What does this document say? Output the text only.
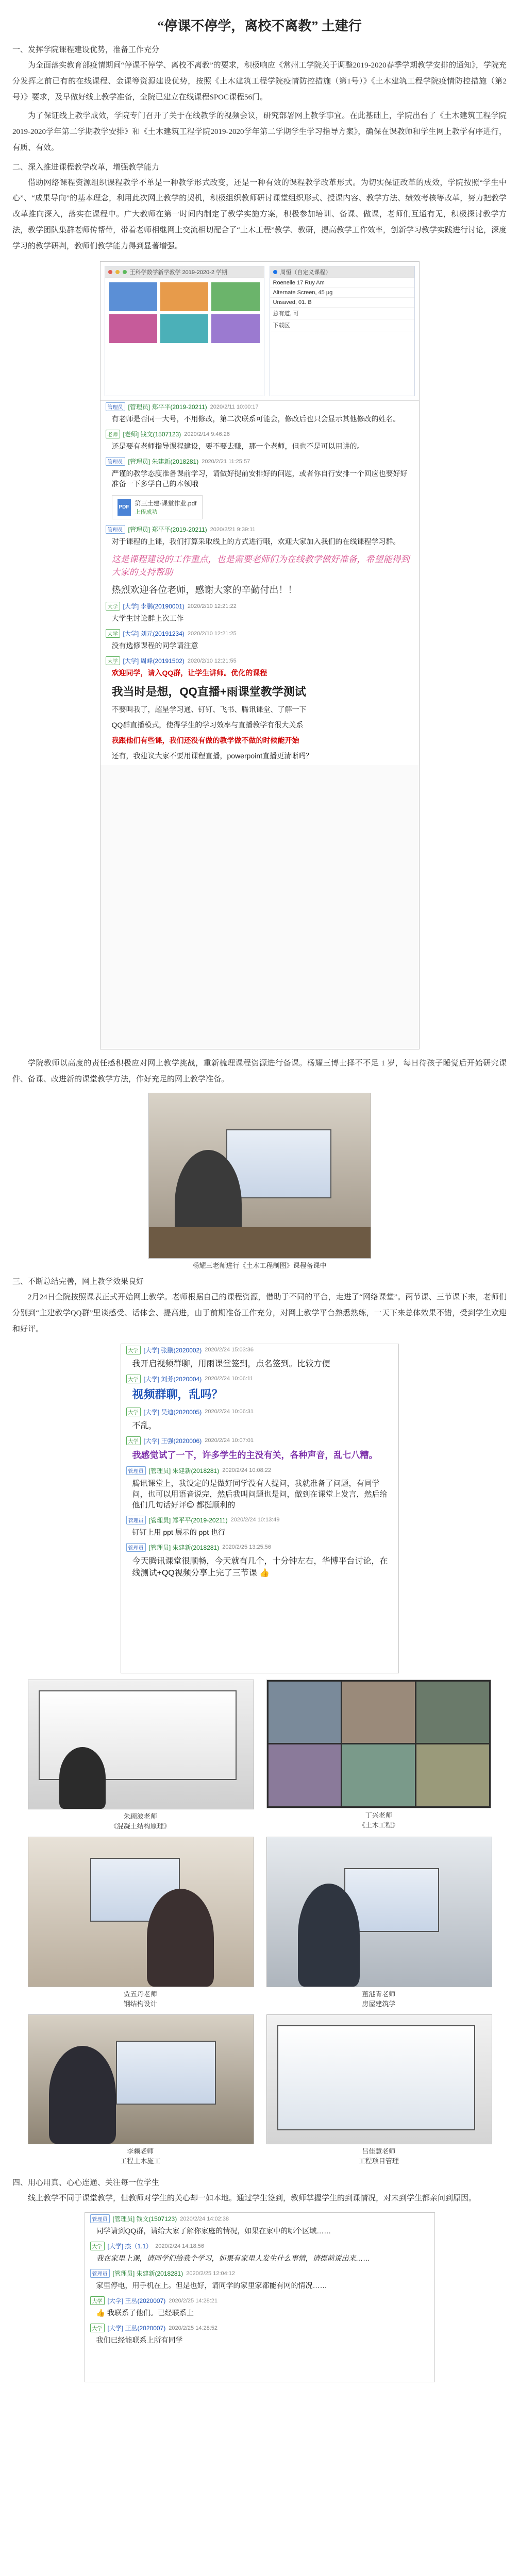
“停课不停学，离校不离教” 土建行
一、发挥学院课程建设优势，准备工作充分

为全面落实教育部疫情期间“停课不停学、离校不离教”的要求，积极响应《常州工学院关于调整2019-2020春季学期教学安排的通知》，学院充分发挥之前已有的在线课程、金课等资源建设优势，按照《土木建筑工程学院疫情防控措施（第1号）》《土木建筑工程学院疫情防控措施（第2号）》要求，及早做好线上教学准备，全院已建立在线课程SPOC课程56门。

为了保证线上教学成效，学院专门召开了关于在线教学的视频会议，研究部署网上教学事宜。在此基础上，学院出台了《土木建筑工程学院2019-2020学年第二学期教学安排》和《土木建筑工程学院2019-2020学年第二学期学生学习指导方案》，确保在课教师和学生网上教学有序进行，有质、有效。

二、深入推进课程教学改革，增强教学能力

借助网络课程资源组织课程教学不单是一种教学形式改变，还是一种有效的课程教学改革形式。为切实保证改革的成效，学院按照“学生中心”、“成果导向”的基本理念，利用此次网上教学的契机，积极组织教师研讨课堂组织形式、授课内容、教学方法、绩效考核等改革，努力把教学改革推向深入，落实在课程中。广大教师在第一时间内制定了教学实施方案，积极参加培训、备课、做课，老师们互通有无，积极探讨教学方法，教学团队集群老师传帮带，带着老师相继网上交流相切配合了“土木工程”教学、教研，提高教学工作效率，创新学习教学实践进行讨论，深度学习的教学研判，教师们教学能力得到显著增强。

王科学数学新学教学 2019-2020-2 学期	周恒（自定义课程）
Roenelle 17 Ruy Am
Alternate Screen, 45 μg
Unsaved, 01. B
总有道, 可
下载区
管理员 [管理员] 郑平平(2019-20211) 2020/2/11 10:00:17
有老师是否同一大号，不用修改，第二次联系可能会，修改后也只会显示其他修改的姓名。
老师 [老师] 钱文(1507123) 2020/2/14 9:46:26
还是要有老师指导课程建设，要不要去赚，那一个老师，但也不是可以用讲的。
管理员 [管理员] 朱建新(2018281) 2020/2/21 11:25:57
严谨的教学态度准备课前学习，请做好提前安排好的问题，或者你自行安排一个回应也要好好准备一下多学自己的本领哦
PDF
第三土建-课堂作业.pdf
上传成功
管理员 [管理员] 郑平平(2019-20211) 2020/2/21 9:39:11
对于课程的上课，我们打算采取线上的方式进行哦，欢迎大家加入我们的在线课程学习群。
这是课程建设的工作重点，也是需要老师们为在线教学做好准备，希望能得到大家的支持帮助
热烈欢迎各位老师，感谢大家的辛勤付出！！
大学 [大学] 李鹏(20190001) 2020/2/10 12:21:22
大学生讨论群上次工作
大学 [大学] 刘元(20191234) 2020/2/10 12:21:25
没有选修课程的同学请注意
大学 [大学] 周峰(20191502) 2020/2/10 12:21:55
欢迎同学，请入QQ群，让学生讲师。优化的课程
我当时是想，QQ直播+雨课堂教学测试
不要叫我了，超星学习通、钉钉、飞书、腾讯课堂、了解一下
QQ群直播模式，使得学生的学习效率与直播教学有很大关系
我跟他们有些课，我们还没有做的教学做不做的时候能开始
还有，我建议大家不要用课程直播，powerpoint直播更清晰吗？

学院教师以高度的责任感积极应对网上教学挑战，重新梳理课程资源进行备课。杨耀三博士择不不足 1 岁，每日待孩子睡觉后开始研究课件、备课、改进新的课堂教学方法，作好充足的网上教学准备。

杨耀三老师进行《土木工程制图》课程备课中
三、不断总结完善，网上教学效果良好

2月24日全院按照课表正式开始网上教学。老师根据自己的课程资源，借助于不同的平台，走进了“网络课堂”。两节课、三节课下来，老师们分别到“主建教学QQ群”里谈感受、话体会、提高进，由于前期准备工作充分，对网上教学平台熟悉熟练，一天下来总体效果不错，受到学生欢迎和好评。

大学 [大学] 张鹏(2020002) 2020/2/24 15:03:36
我开启视频群聊，用雨课堂签到，点名签到。比较方便
大学 [大学] 刘芳(2020004) 2020/2/24 10:06:11
视频群聊，乱吗？
大学 [大学] 吴迪(2020005) 2020/2/24 10:06:31
不乱，
大学 [大学] 王强(2020006) 2020/2/24 10:07:01
我感觉试了一下，许多学生的主没有关，各种声音，乱七八糟。
管理员 [管理员] 朱建新(2018281) 2020/2/24 10:08:22
腾讯课堂上，我设定的是做好同学没有人提问，我就准备了问题，有同学问，也可以用语音说完，然后我叫问题也是问，做到在课堂上发言，然后给他们几句话好评😊 都挺顺利的
管理员 [管理员] 郑平平(2019-20211) 2020/2/24 10:13:49
钉钉上用 ppt 展示的 ppt 也行
管理员 [管理员] 朱建新(2018281) 2020/2/25 13:25:56
今天腾讯课堂很顺畅，今天就有几个，十分钟左右，华博平台讨论，在线测试+QQ视频分享上完了三节课 👍
朱顾波老师
《混凝土结构原理》
丁兴老师
《土木工程》
贾五丹老师
钢结构设计
董港青老师
房屋建筑学
李赖老师
工程土木施工
吕佳慧老师
工程项目管理
四、用心用真、心心连通、关注每一位学生

线上教学不同于课堂教学，但教师对学生的关心却一如本地。通过学生签到，教师掌握学生的到课情况，对未到学生都亲问到原因。

管理员 [管理员] 钱文(1507123) 2020/2/24 14:02:38
同学请到QQ群，请给大家了解你家庭的情况，如果在家中的哪个区域……
大学 [大学] 杰（1.1） 2020/2/24 14:18:56
我在家里上课，请同学们给我个学习，如果有家里人发生什么事情，请提前说出来……
管理员 [管理员] 朱建新(2018281) 2020/2/25 12:04:12
家里停电，用手机在上。但是也好，请同学的家里家都能有网的情况……
大学 [大学] 王丛(2020007) 2020/2/25 14:28:21
👍 我联系了他们。已经联系上
大学 [大学] 王丛(2020007) 2020/2/25 14:28:52
我们已经能联系上所有同学
